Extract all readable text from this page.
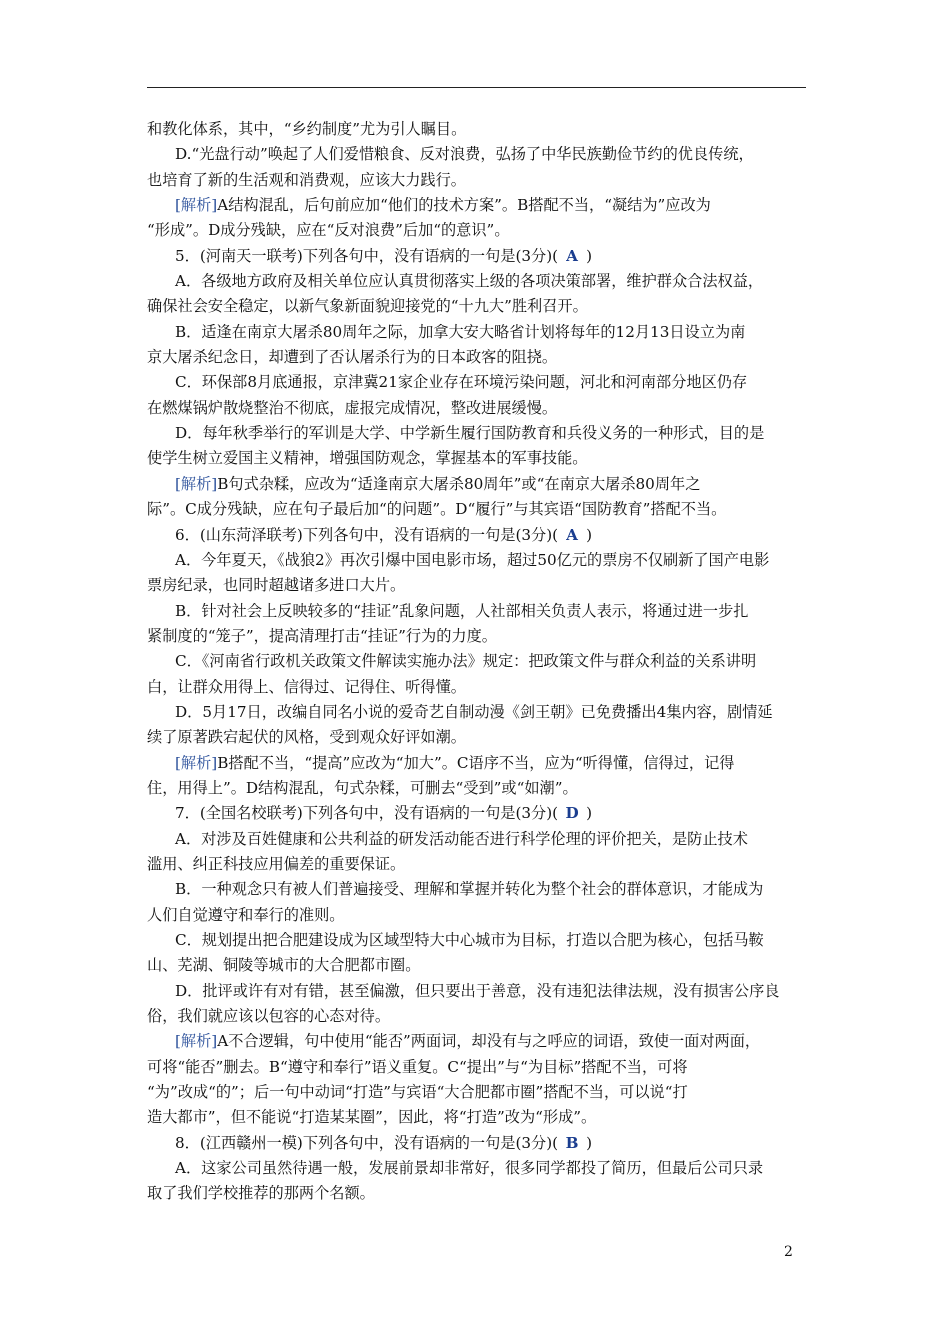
和教化体系，其中，“乡约制度”尤为引人瞩目。
D.“光盘行动”唤起了人们爱惜粮食、反对浪费，弘扬了中华民族勤俭节约的优良传统，
也培育了新的生活观和消费观，应该大力践行。
[解析]A结构混乱，后句前应加“他们的技术方案”。B搭配不当，“凝结为”应改为
“形成”。D成分残缺，应在“反对浪费”后加“的意识”。
5．(河南天一联考)下列各句中，没有语病的一句是(3分)( A )
A．各级地方政府及相关单位应认真贯彻落实上级的各项决策部署，维护群众合法权益，
确保社会安全稳定，以新气象新面貌迎接党的“十九大”胜利召开。
B．适逢在南京大屠杀80周年之际，加拿大安大略省计划将每年的12月13日设立为南
京大屠杀纪念日，却遭到了否认屠杀行为的日本政客的阻挠。
C．环保部8月底通报，京津冀21家企业存在环境污染问题，河北和河南部分地区仍存
在燃煤锅炉散烧整治不彻底，虚报完成情况，整改进展缓慢。
D．每年秋季举行的军训是大学、中学新生履行国防教育和兵役义务的一种形式，目的是
使学生树立爱国主义精神，增强国防观念，掌握基本的军事技能。
[解析]B句式杂糅，应改为“适逢南京大屠杀80周年”或“在南京大屠杀80周年之
际”。C成分残缺，应在句子最后加“的问题”。D“履行”与其宾语“国防教育”搭配不当。
6．(山东菏泽联考)下列各句中，没有语病的一句是(3分)( A )
A．今年夏天，《战狼2》再次引爆中国电影市场，超过50亿元的票房不仅刷新了国产电影
票房纪录，也同时超越诸多进口大片。
B．针对社会上反映较多的“挂证”乱象问题，人社部相关负责人表示，将通过进一步扎
紧制度的“笼子”，提高清理打击“挂证”行为的力度。
C．《河南省行政机关政策文件解读实施办法》规定：把政策文件与群众利益的关系讲明
白，让群众用得上、信得过、记得住、听得懂。
D．5月17日，改编自同名小说的爱奇艺自制动漫《剑王朝》已免费播出4集内容，剧情延
续了原著跌宕起伏的风格，受到观众好评如潮。
[解析]B搭配不当，“提高”应改为“加大”。C语序不当，应为“听得懂，信得过，记得
住，用得上”。D结构混乱，句式杂糅，可删去“受到”或“如潮”。
7．(全国名校联考)下列各句中，没有语病的一句是(3分)( D )
A．对涉及百姓健康和公共利益的研发活动能否进行科学伦理的评价把关，是防止技术
滥用、纠正科技应用偏差的重要保证。
B．一种观念只有被人们普遍接受、理解和掌握并转化为整个社会的群体意识，才能成为
人们自觉遵守和奉行的准则。
C．规划提出把合肥建设成为区域型特大中心城市为目标，打造以合肥为核心，包括马鞍
山、芜湖、铜陵等城市的大合肥都市圈。
D．批评或许有对有错，甚至偏激，但只要出于善意，没有违犯法律法规，没有损害公序良
俗，我们就应该以包容的心态对待。
[解析]A不合逻辑，句中使用“能否”两面词，却没有与之呼应的词语，致使一面对两面，
可将“能否”删去。B“遵守和奉行”语义重复。C“提出”与“为目标”搭配不当，可将
“为”改成“的”；后一句中动词“打造”与宾语“大合肥都市圈”搭配不当，可以说“打
造大都市”，但不能说“打造某某圈”，因此，将“打造”改为“形成”。
8．(江西赣州一模)下列各句中，没有语病的一句是(3分)( B )
A．这家公司虽然待遇一般，发展前景却非常好，很多同学都投了简历，但最后公司只录
取了我们学校推荐的那两个名额。
2
